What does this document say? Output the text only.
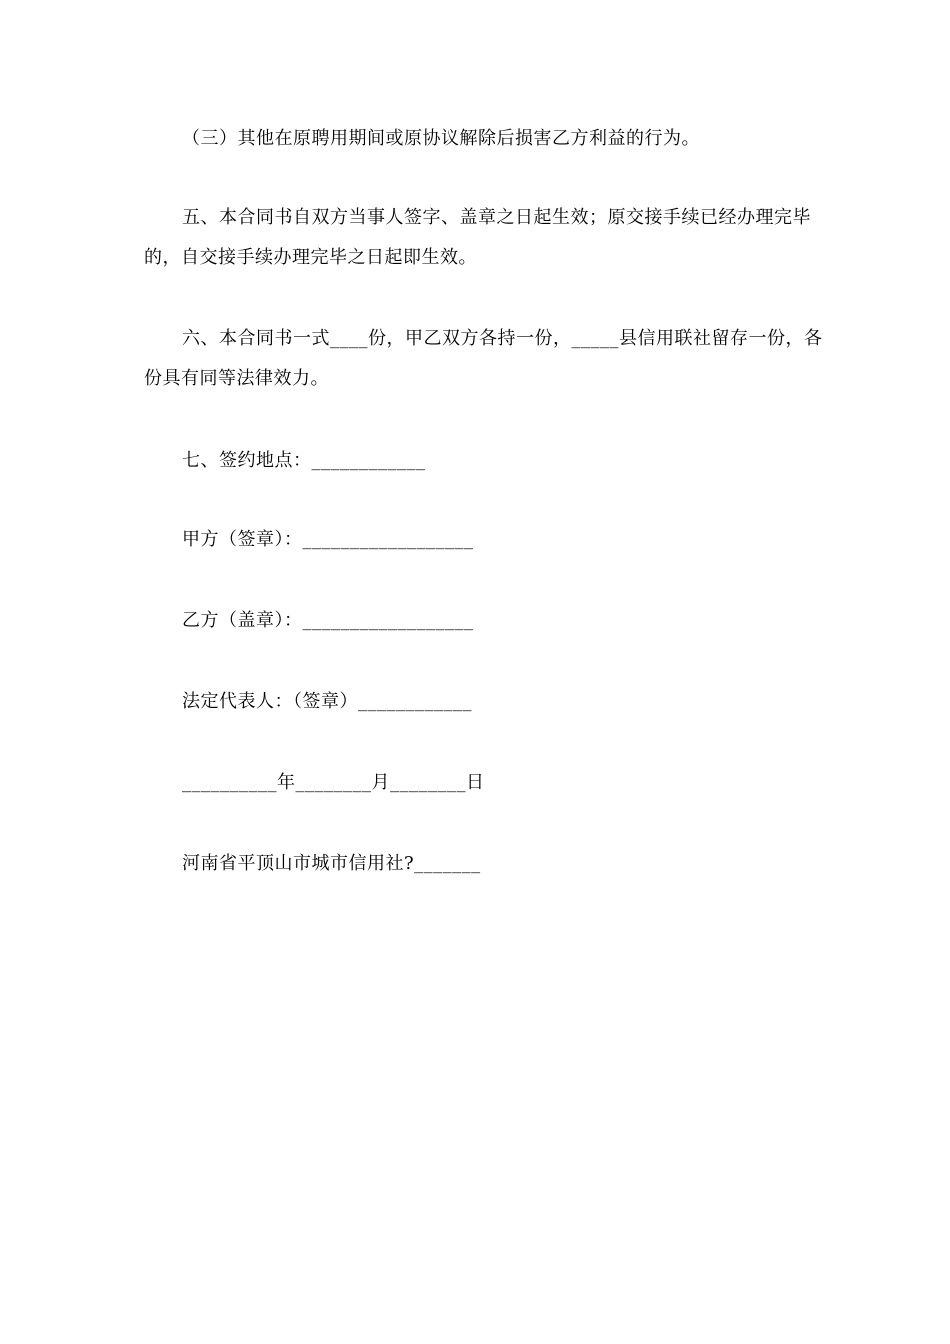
（三）其他在原聘用期间或原协议解除后损害乙方利益的行为。
五、本合同书自双方当事人签字、盖章之日起生效；原交接手续已经办理完毕的，自交接手续办理完毕之日起即生效。
六、本合同书一式____份，甲乙双方各持一份，_____县信用联社留存一份，各份具有同等法律效力。
七、签约地点：____________
甲方（签章）：__________________
乙方（盖章）：__________________
法定代表人：（签章）____________
__________年________月________日
河南省平顶山市城市信用社?_______
